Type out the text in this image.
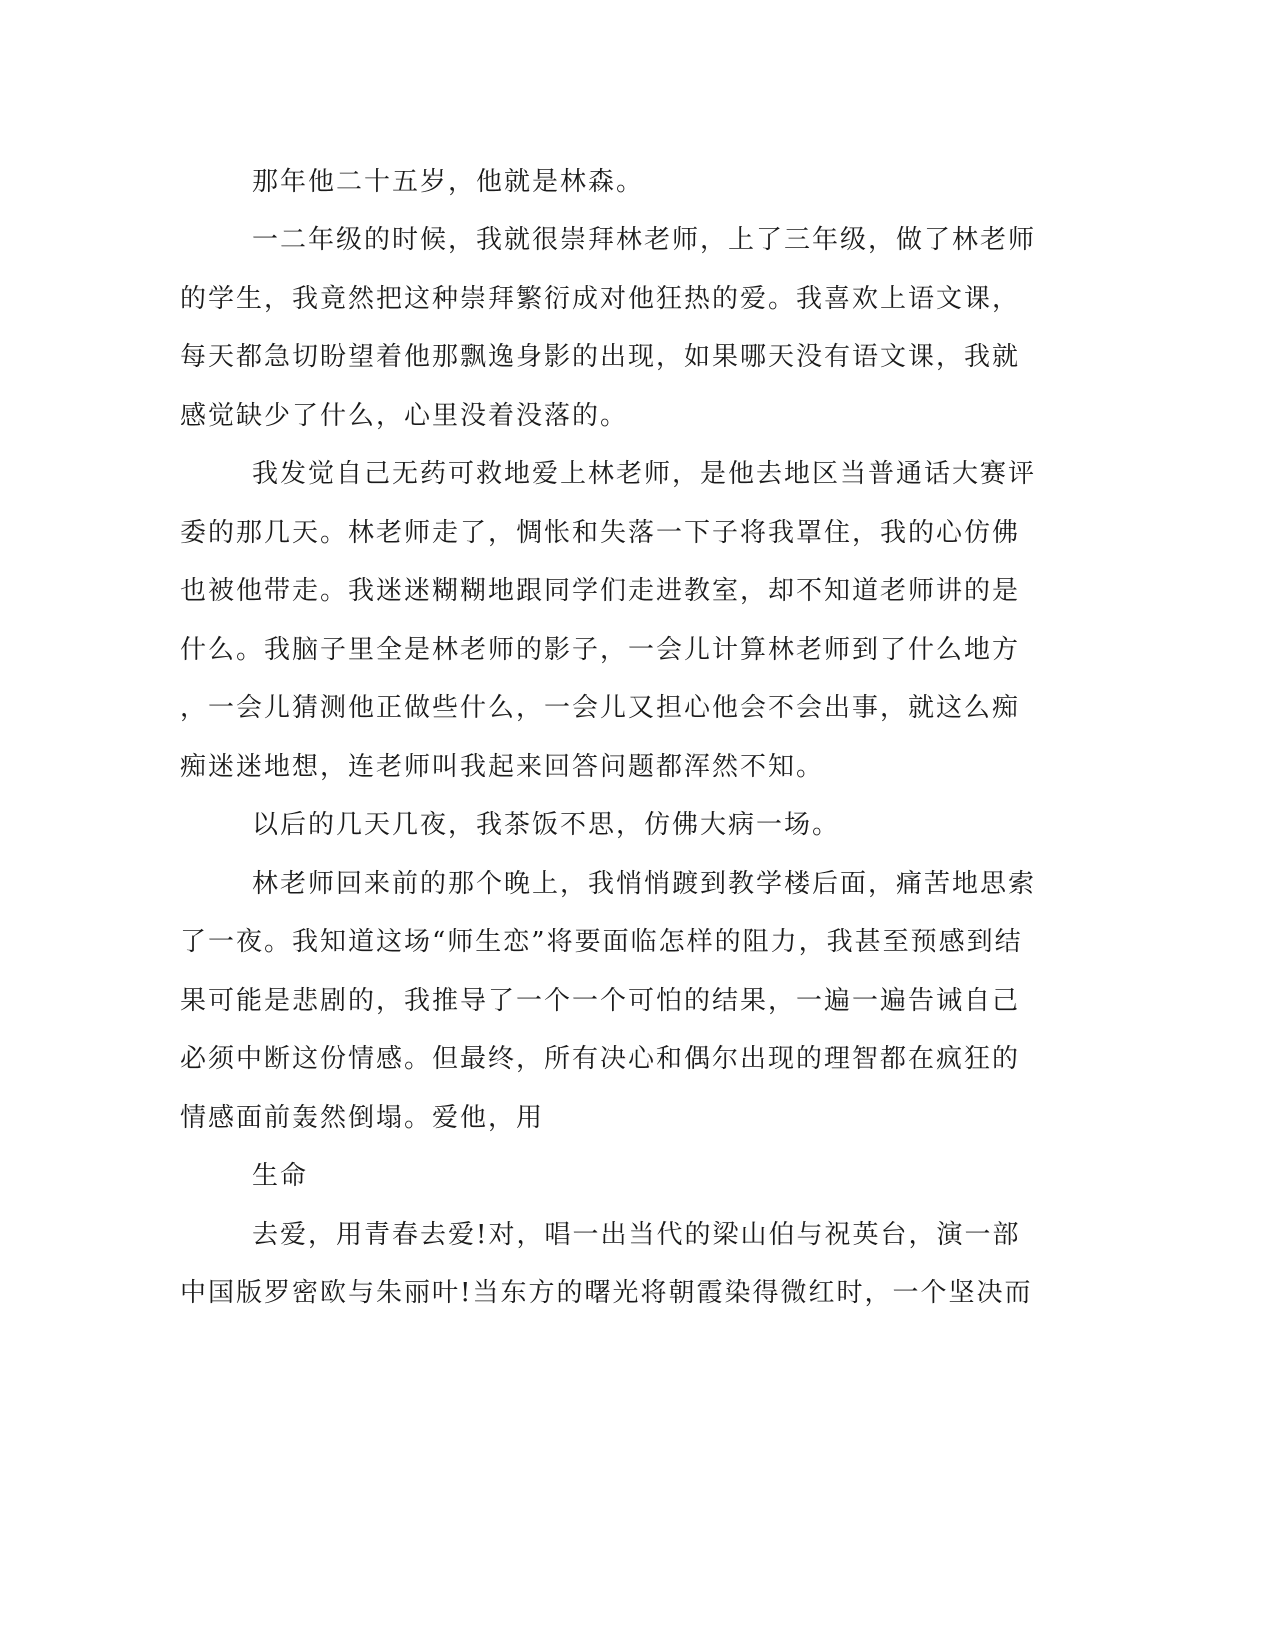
那年他二十五岁，他就是林森。
一二年级的时候，我就很崇拜林老师，上了三年级，做了林老师
的学生，我竟然把这种崇拜繁衍成对他狂热的爱。我喜欢上语文课，
每天都急切盼望着他那飘逸身影的出现，如果哪天没有语文课，我就
感觉缺少了什么，心里没着没落的。
我发觉自己无药可救地爱上林老师，是他去地区当普通话大赛评
委的那几天。林老师走了，惆怅和失落一下子将我罩住，我的心仿佛
也被他带走。我迷迷糊糊地跟同学们走进教室，却不知道老师讲的是
什么。我脑子里全是林老师的影子，一会儿计算林老师到了什么地方
，一会儿猜测他正做些什么，一会儿又担心他会不会出事，就这么痴
痴迷迷地想，连老师叫我起来回答问题都浑然不知。
以后的几天几夜，我茶饭不思，仿佛大病一场。
林老师回来前的那个晚上，我悄悄踱到教学楼后面，痛苦地思索
了一夜。我知道这场“师生恋”将要面临怎样的阻力，我甚至预感到结
果可能是悲剧的，我推导了一个一个可怕的结果，一遍一遍告诫自己
必须中断这份情感。但最终，所有决心和偶尔出现的理智都在疯狂的
情感面前轰然倒塌。爱他，用
生命
去爱，用青春去爱!对，唱一出当代的梁山伯与祝英台，演一部
中国版罗密欧与朱丽叶!当东方的曙光将朝霞染得微红时，一个坚决而
